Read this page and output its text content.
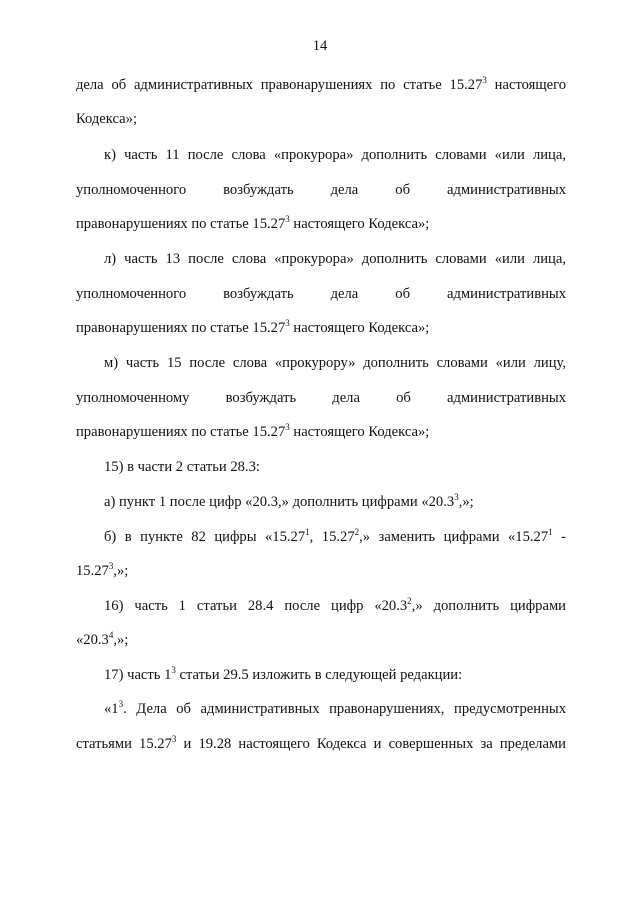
14
дела об административных правонарушениях по статье 15.27$^3$ настоящего
Кодекса»;
к) часть 11 после слова «прокурора» дополнить словами «или лица,
уполномоченного возбуждать дела об административных
правонарушениях по статье 15.27$^3$ настоящего Кодекса»;
л) часть 13 после слова «прокурора» дополнить словами «или лица,
уполномоченного возбуждать дела об административных
правонарушениях по статье 15.27$^3$ настоящего Кодекса»;
м) часть 15 после слова «прокурору» дополнить словами «или лицу,
уполномоченному возбуждать дела об административных
правонарушениях по статье 15.27$^3$ настоящего Кодекса»;
15) в части 2 статьи 28.3:
а) пункт 1 после цифр «20.3,» дополнить цифрами «20.3$^3$,»;
б) в пункте 82 цифры «15.27$^1$, 15.27$^2$,» заменить цифрами «15.27$^1$ -
15.27$^3$,»;
16) часть 1 статьи 28.4 после цифр «20.3$^2$,» дополнить цифрами
«20.3$^4$,»;
17) часть $1^3$ статьи 29.5 изложить в следующей редакции:
«$1^3$. Дела об административных правонарушениях, предусмотренных
статьями 15.27$^3$ и 19.28 настоящего Кодекса и совершенных за пределами
